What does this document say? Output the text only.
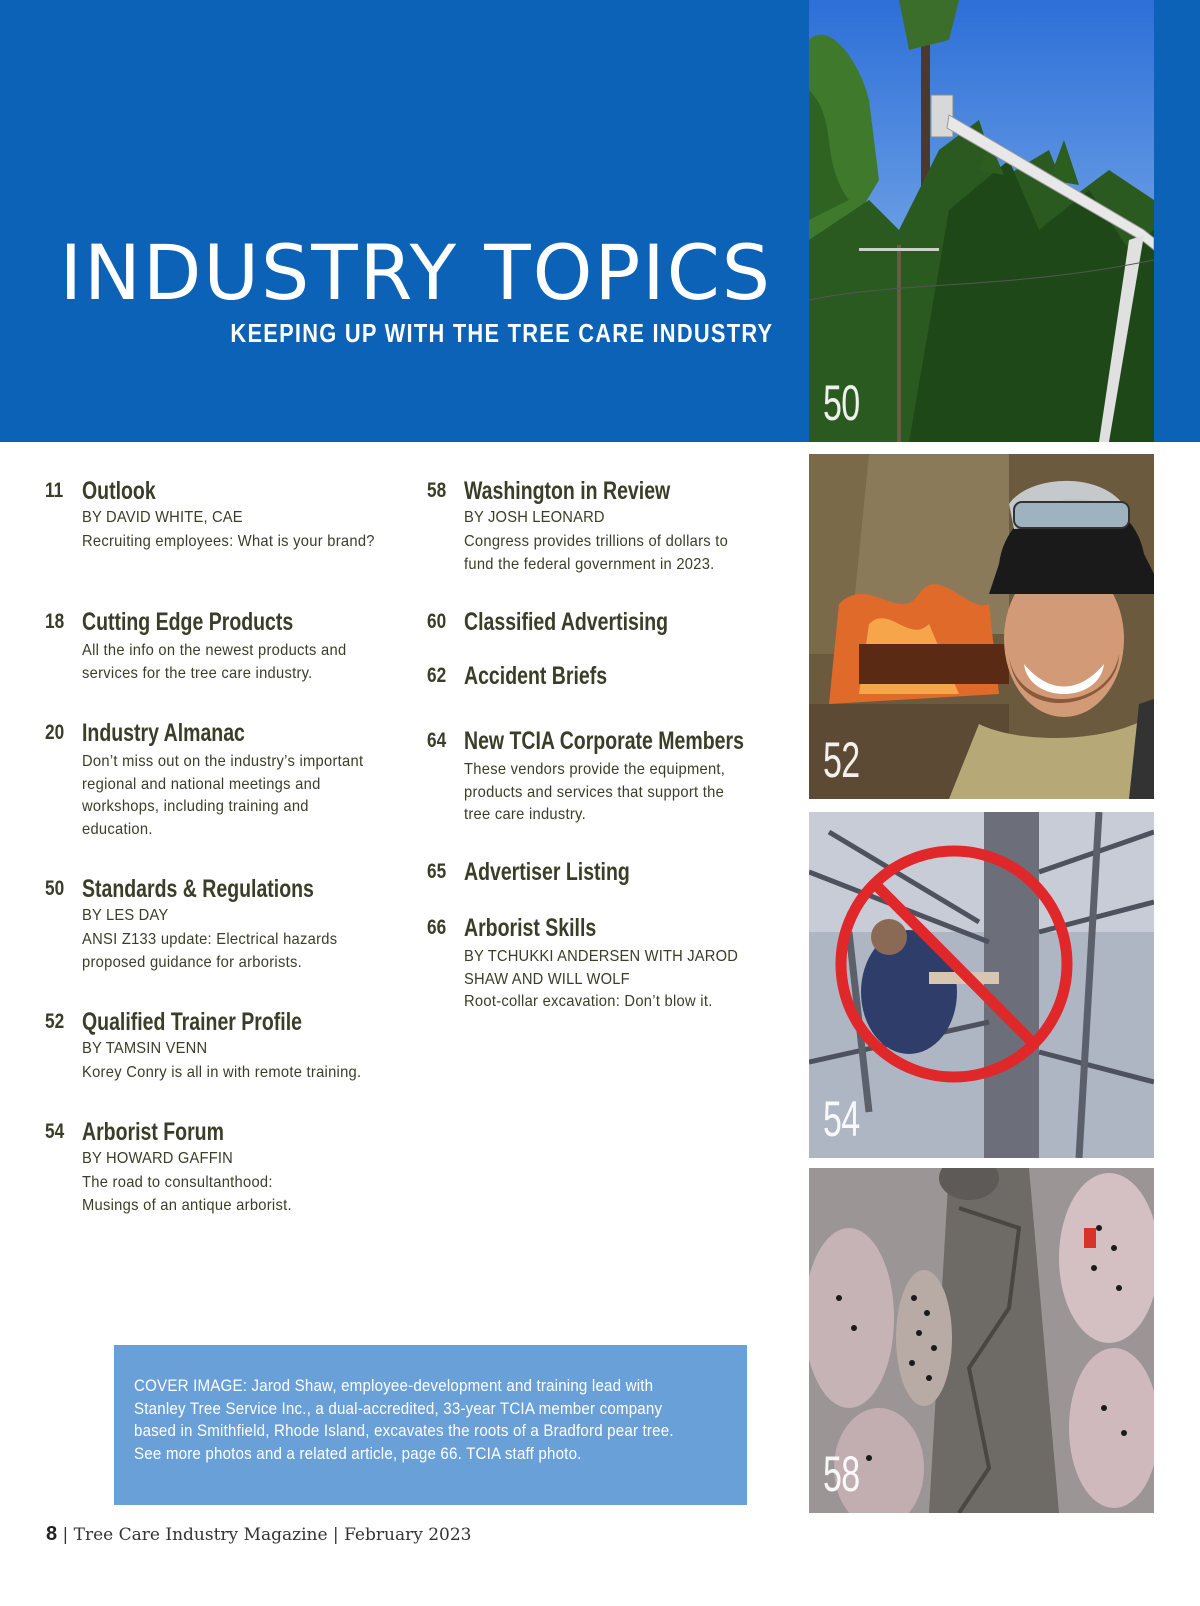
INDUSTRY TOPICS
KEEPING UP WITH THE TREE CARE INDUSTRY
50
52
54
58
11 Outlook
BY DAVID WHITE, CAE
Recruiting employees: What is your brand?
18 Cutting Edge Products
All the info on the newest products and services for the tree care industry.
20 Industry Almanac
Don’t miss out on the industry’s important regional and national meetings and workshops, including training and education.
50 Standards & Regulations
BY LES DAY
ANSI Z133 update: Electrical hazards proposed guidance for arborists.
52 Qualified Trainer Profile
BY TAMSIN VENN
Korey Conry is all in with remote training.
54 Arborist Forum
BY HOWARD GAFFIN
The road to consultanthood: Musings of an antique arborist.
58 Washington in Review
BY JOSH LEONARD
Congress provides trillions of dollars to fund the federal government in 2023.
60 Classified Advertising
62 Accident Briefs
64 New TCIA Corporate Members
These vendors provide the equipment, products and services that support the tree care industry.
65 Advertiser Listing
66 Arborist Skills
BY TCHUKKI ANDERSEN WITH JAROD SHAW AND WILL WOLF
Root-collar excavation: Don’t blow it.
COVER IMAGE: Jarod Shaw, employee-development and training lead with Stanley Tree Service Inc., a dual-accredited, 33-year TCIA member company based in Smithfield, Rhode Island, excavates the roots of a Bradford pear tree. See more photos and a related article, page 66. TCIA staff photo.
8 | Tree Care Industry Magazine | February 2023
